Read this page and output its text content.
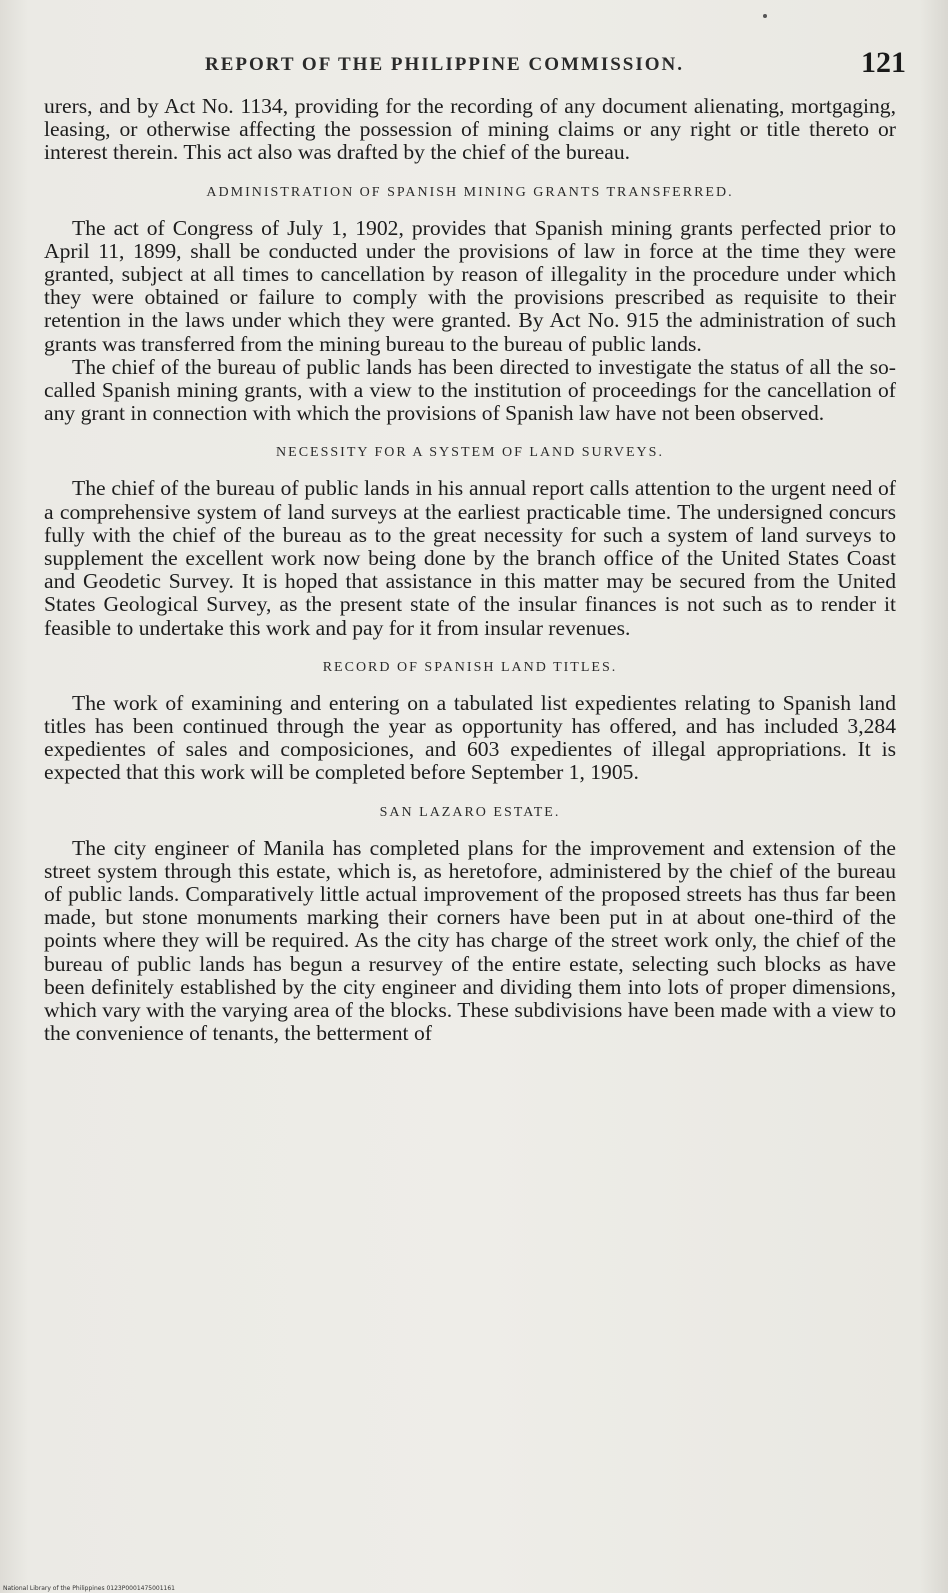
REPORT OF THE PHILIPPINE COMMISSION.	121

urers, and by Act No. 1134, providing for the recording of any document alienating, mortgaging, leasing, or otherwise affecting the possession of mining claims or any right or title thereto or interest therein. This act also was drafted by the chief of the bureau.

ADMINISTRATION OF SPANISH MINING GRANTS TRANSFERRED.

The act of Congress of July 1, 1902, provides that Spanish mining grants perfected prior to April 11, 1899, shall be conducted under the provisions of law in force at the time they were granted, subject at all times to cancellation by reason of illegality in the procedure under which they were obtained or failure to comply with the provisions prescribed as requisite to their retention in the laws under which they were granted. By Act No. 915 the administration of such grants was transferred from the mining bureau to the bureau of public lands.

The chief of the bureau of public lands has been directed to investigate the status of all the so-called Spanish mining grants, with a view to the institution of proceedings for the cancellation of any grant in connection with which the provisions of Spanish law have not been observed.

NECESSITY FOR A SYSTEM OF LAND SURVEYS.

The chief of the bureau of public lands in his annual report calls attention to the urgent need of a comprehensive system of land surveys at the earliest practicable time. The undersigned concurs fully with the chief of the bureau as to the great necessity for such a system of land surveys to supplement the excellent work now being done by the branch office of the United States Coast and Geodetic Survey. It is hoped that assistance in this matter may be secured from the United States Geological Survey, as the present state of the insular finances is not such as to render it feasible to undertake this work and pay for it from insular revenues.

RECORD OF SPANISH LAND TITLES.

The work of examining and entering on a tabulated list expedientes relating to Spanish land titles has been continued through the year as opportunity has offered, and has included 3,284 expedientes of sales and composiciones, and 603 expedientes of illegal appropriations. It is expected that this work will be completed before September 1, 1905.

SAN LAZARO ESTATE.

The city engineer of Manila has completed plans for the improvement and extension of the street system through this estate, which is, as heretofore, administered by the chief of the bureau of public lands. Comparatively little actual improvement of the proposed streets has thus far been made, but stone monuments marking their corners have been put in at about one-third of the points where they will be required. As the city has charge of the street work only, the chief of the bureau of public lands has begun a resurvey of the entire estate, selecting such blocks as have been definitely established by the city engineer and dividing them into lots of proper dimensions, which vary with the varying area of the blocks. These subdivisions have been made with a view to the convenience of tenants, the betterment of

National Library of the Philippines 0123P0001475001161
